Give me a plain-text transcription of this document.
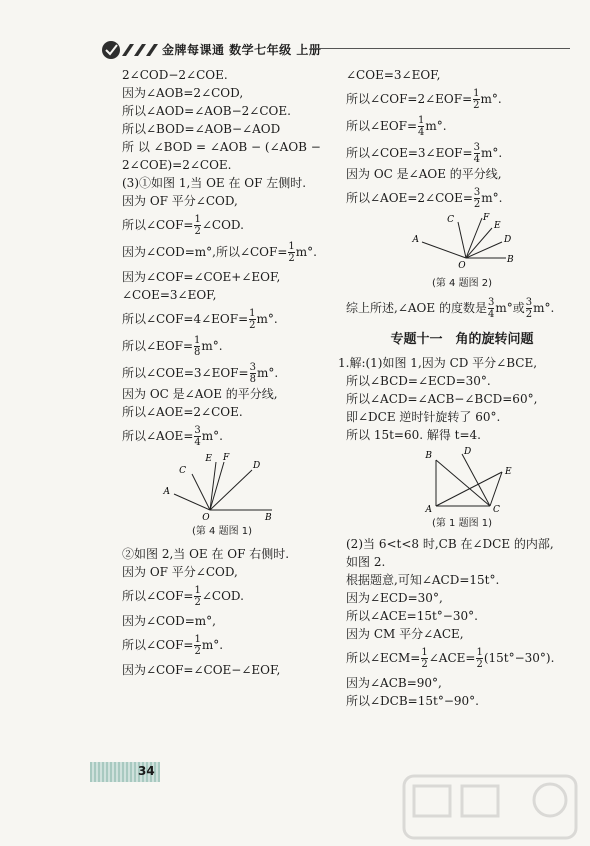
金牌每课通 数学七年级 上册
2∠COD−2∠COE.
因为∠AOB=2∠COD,
所以∠AOD=∠AOB−2∠COE.
所以∠BOD=∠AOB−∠AOD
所 以 ∠BOD = ∠AOB − (∠AOB −
2∠COE)=2∠COE.
(3)①如图 1,当 OE 在 OF 左侧时.
因为 OF 平分∠COD,
所以∠COF= $\frac{1}{2}$ ∠COD.
因为∠COD=m°,所以∠COF= $\frac{1}{2} m^\circ$.
因为∠COF=∠COE+∠EOF,
∠COE=3∠EOF,
所以∠COF=4∠EOF= $\frac{1}{2} m^\circ$.
所以∠EOF= $\frac{1}{8} m^\circ$.
所以∠COE=3∠EOF= $\frac{3}{8} m^\circ$.
因为 OC 是∠AOE 的平分线,
所以∠AOE=2∠COE.
所以∠AOE= $\frac{3}{4} m^\circ$.
A
C
E F
D
O	B
(第 4 题图 1)
②如图 2,当 OE 在 OF 右侧时.
因为 OF 平分∠COD,
所以∠COF= $\frac{1}{2}$ ∠COD.
因为∠COD=m°,
所以∠COF= $\frac{1}{2} m^\circ$.
因为∠COF=∠COE−∠EOF,
∠COE=3∠EOF,
所以∠COF=2∠EOF= $\frac{1}{2} m^\circ$.
所以∠EOF= $\frac{1}{4} m^\circ$.
所以∠COE=3∠EOF= $\frac{3}{4} m^\circ$.
因为 OC 是∠AOE 的平分线,
所以∠AOE=2∠COE= $\frac{3}{2} m^\circ$.
A
C	F
E
D
O
B
(第 4 题图 2)
综上所述,∠AOE 的度数是 $\frac{3}{4} m^\circ$或 $\frac{3}{2} m^\circ$.
专题十一　角的旋转问题
1.解:(1)如图 1,因为 CD 平分∠BCE,
所以∠BCD=∠ECD=30°.
所以∠ACD=∠ACB−∠BCD=60°,
即∠DCE 逆时针旋转了 60°.
所以 15t=60. 解得 t=4.
B	D
E
A	C
(第 1 题图 1)
(2)当 6<t<8 时,CB 在∠DCE 的内部,
如图 2.
根据题意,可知∠ACD=15t°.
因为∠ECD=30°,
所以∠ACE=15t°−30°.
因为 CM 平分∠ACE,
所以∠ECM= $\frac{1}{2}$ ∠ACE= $\frac{1}{2} (15t^\circ-30^\circ)$.
因为∠ACB=90°,
所以∠DCB=15t°−90°.
34
